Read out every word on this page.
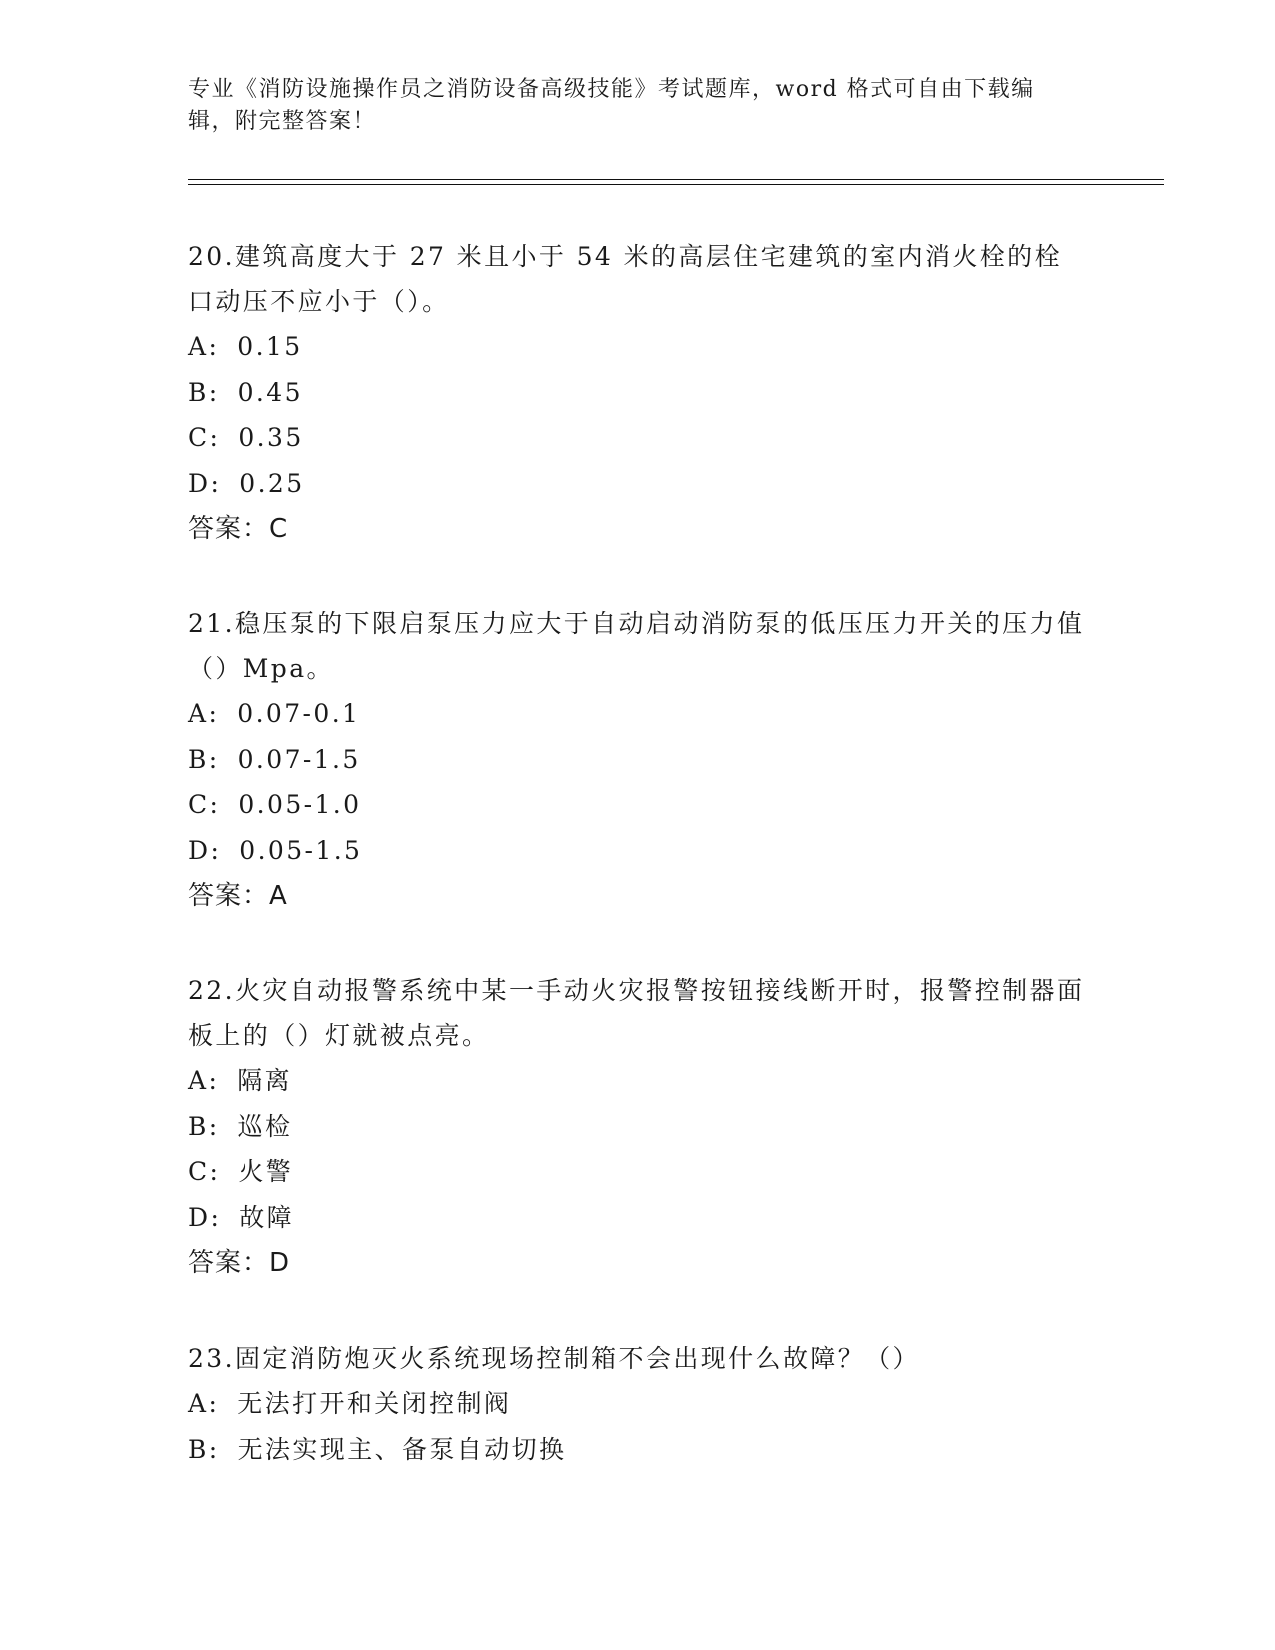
专业《消防设施操作员之消防设备高级技能》考试题库，word 格式可自由下载编辑，附完整答案！

20.建筑高度大于 27 米且小于 54 米的高层住宅建筑的室内消火栓的栓口动压不应小于（）。

A: 0.15

B: 0.45

C: 0.35

D: 0.25

答案：C

21.稳压泵的下限启泵压力应大于自动启动消防泵的低压压力开关的压力值（）Mpa。

A: 0.07-0.1

B: 0.07-1.5

C: 0.05-1.0

D: 0.05-1.5

答案：A

22.火灾自动报警系统中某一手动火灾报警按钮接线断开时，报警控制器面板上的（）灯就被点亮。

A: 隔离

B: 巡检

C: 火警

D: 故障

答案：D

23.固定消防炮灭火系统现场控制箱不会出现什么故障？（）

A: 无法打开和关闭控制阀

B: 无法实现主、备泵自动切换
